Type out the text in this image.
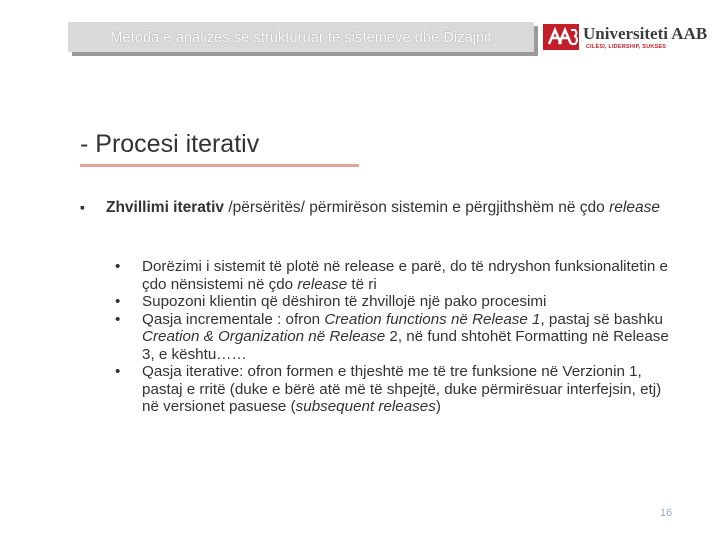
Metoda e analizes se strukturuar te sistemeve dhe Dizajnit	Universiteti AAB
CILËSI, LIDERSHIP, SUKSES
- Procesi iterativ
▪ Zhvillimi iterativ /përsëritës/ përmirëson sistemin e përgjithshëm në çdo release
• Dorëzimi i sistemit të plotë në release e parë, do të ndryshon funksionalitetin e çdo nënsistemi në çdo release të ri
• Supozoni klientin që dëshiron të zhvillojë një pako procesimi
• Qasja incrementale : ofron Creation functions në Release 1, pastaj së bashku Creation & Organization në Release 2, në fund shtohët Formatting në Release 3, e kështu……
• Qasja iterative: ofron formen e thjeshtë me të tre funksione në Verzionin 1, pastaj e rritë (duke e bërë atë më të shpejtë, duke përmirësuar interfejsin, etj) në versionet pasuese (subsequent releases)
16
